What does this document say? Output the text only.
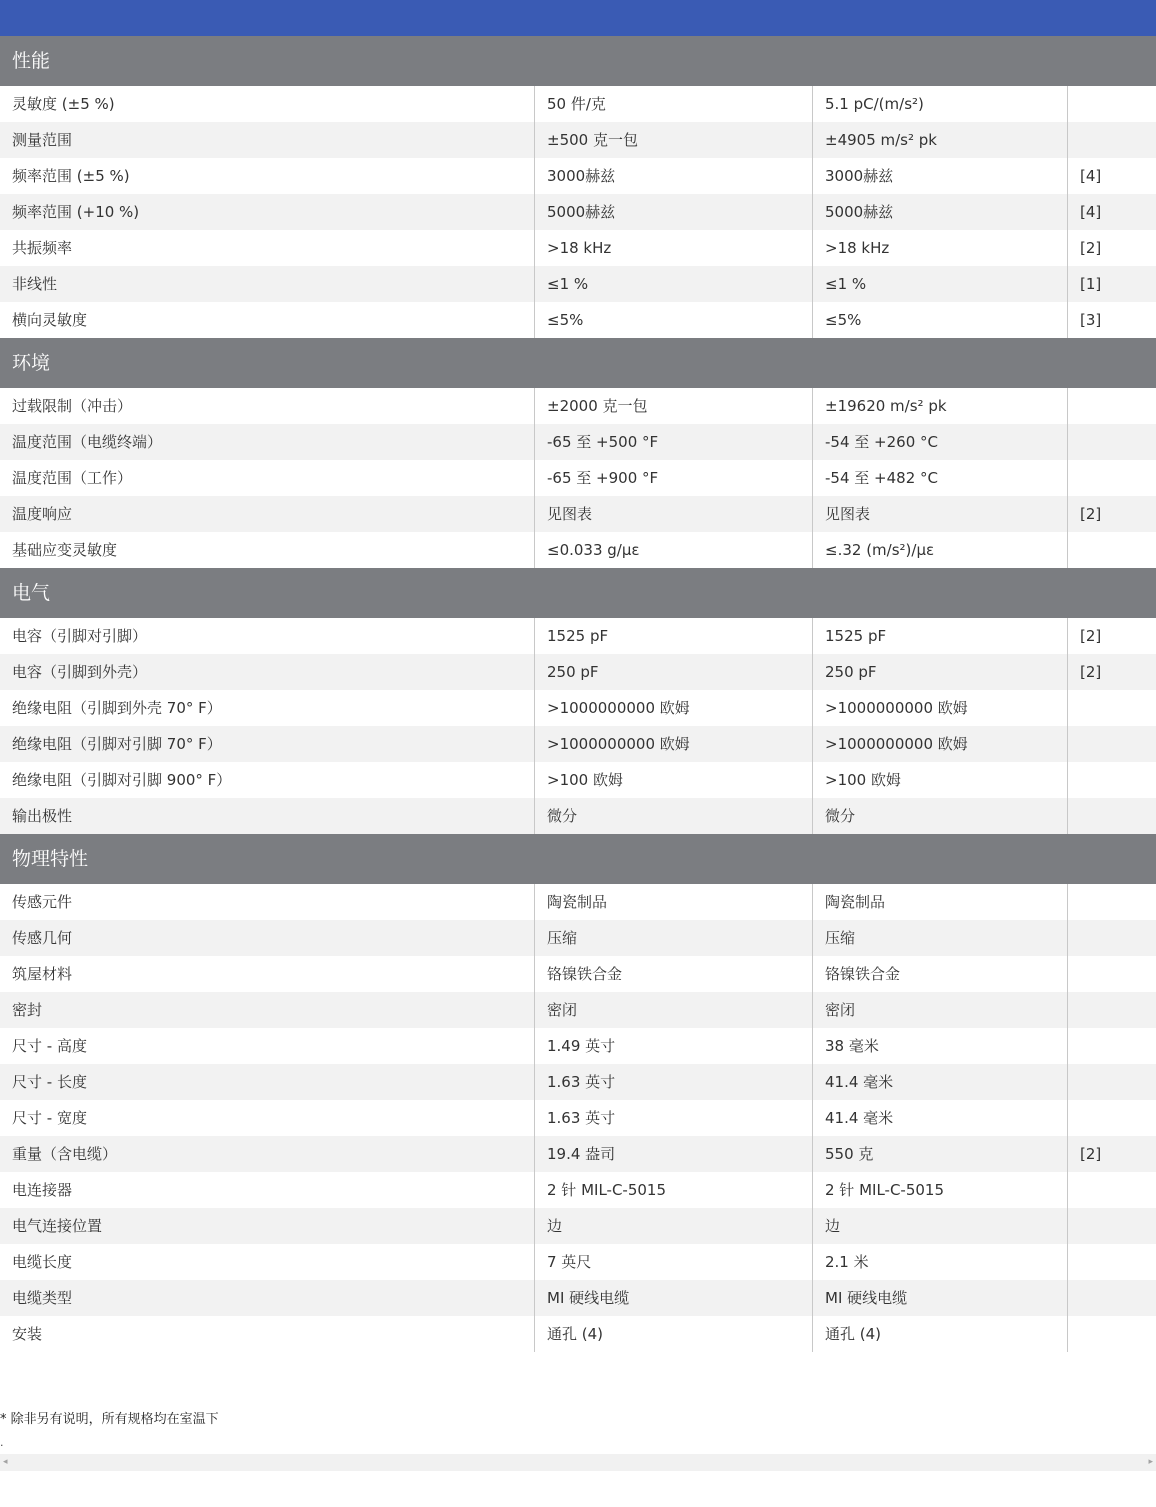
性能
灵敏度 (±5 %)	50 件/克	5.1 pC/(m/s²)
测量范围	±500 克一包	±4905 m/s² pk
频率范围 (±5 %)	3000赫兹	3000赫兹	[4]
频率范围 (+10 %)	5000赫兹	5000赫兹	[4]
共振频率	>18 kHz	>18 kHz	[2]
非线性	≤1 %	≤1 %	[1]
横向灵敏度	≤5%	≤5%	[3]
环境
过载限制（冲击）	±2000 克一包	±19620 m/s² pk
温度范围（电缆终端）	-65 至 +500 °F	-54 至 +260 °C
温度范围（工作）	-65 至 +900 °F	-54 至 +482 °C
温度响应	见图表	见图表	[2]
基础应变灵敏度	≤0.033 g/με	≤.32 (m/s²)/με
电气
电容（引脚对引脚）	1525 pF	1525 pF	[2]
电容（引脚到外壳）	250 pF	250 pF	[2]
绝缘电阻（引脚到外壳 70° F）	>1000000000 欧姆	>1000000000 欧姆
绝缘电阻（引脚对引脚 70° F）	>1000000000 欧姆	>1000000000 欧姆
绝缘电阻（引脚对引脚 900° F）	>100 欧姆	>100 欧姆
输出极性	微分	微分
物理特性
传感元件	陶瓷制品	陶瓷制品
传感几何	压缩	压缩
筑屋材料	铬镍铁合金	铬镍铁合金
密封	密闭	密闭
尺寸 - 高度	1.49 英寸	38 毫米
尺寸 - 长度	1.63 英寸	41.4 毫米
尺寸 - 宽度	1.63 英寸	41.4 毫米
重量（含电缆）	19.4 盎司	550 克	[2]
电连接器	2 针 MIL-C-5015	2 针 MIL-C-5015
电气连接位置	边	边
电缆长度	7 英尺	2.1 米
电缆类型	MI 硬线电缆	MI 硬线电缆
安装	通孔 (4)	通孔 (4)
* 除非另有说明，所有规格均在室温下
.
◂	▸
